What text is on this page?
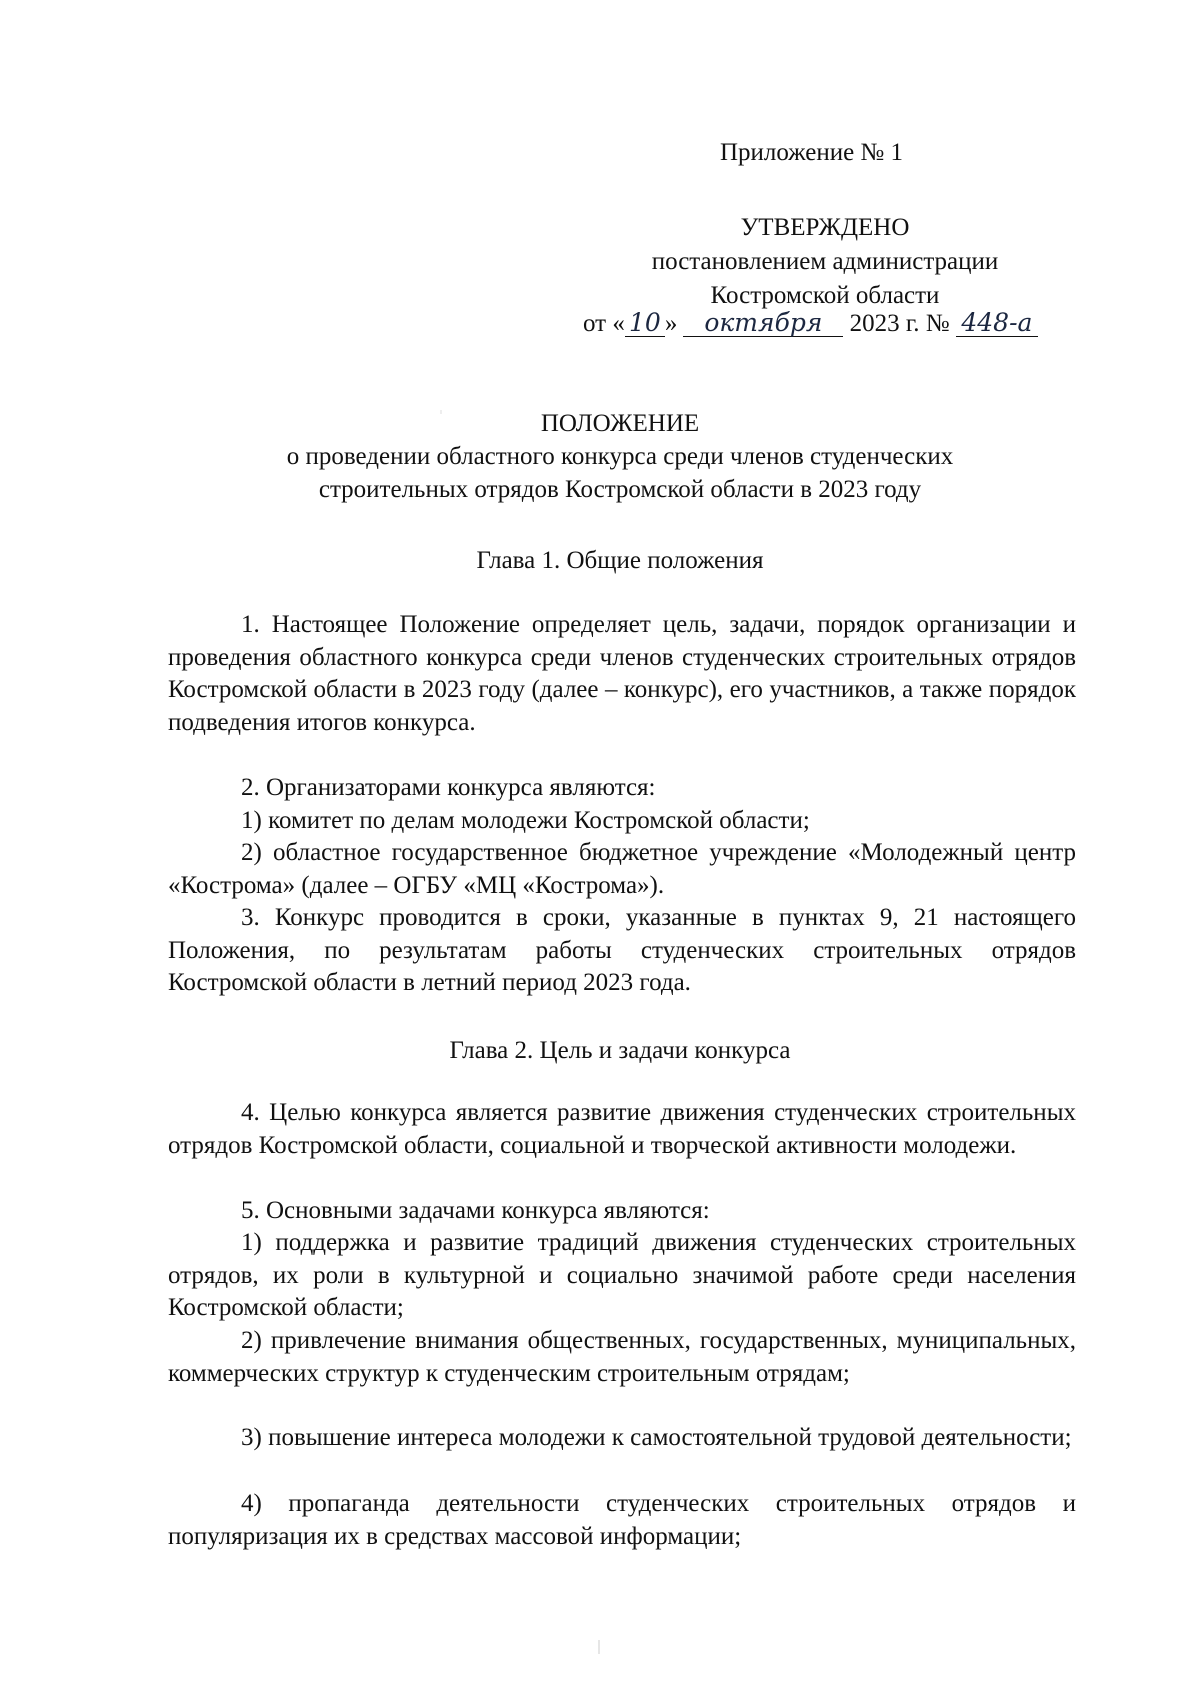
Приложение № 1
УТВЕРЖДЕНО
постановлением администрации
Костромской области
от « 10 » октября 2023 г. № 448-а
ПОЛОЖЕНИЕ
о проведении областного конкурса среди членов студенческих
строительных отрядов Костромской области в 2023 году
Глава 1. Общие положения

1. Настоящее Положение определяет цель, задачи, порядок организации и проведения областного конкурса среди членов студенческих строительных отрядов Костромской области в 2023 году (далее – конкурс), его участников, а также порядок подведения итогов конкурса.

2. Организаторами конкурса являются:

1) комитет по делам молодежи Костромской области;

2) областное государственное бюджетное учреждение «Молодежный центр «Кострома» (далее – ОГБУ «МЦ «Кострома»).

3. Конкурс проводится в сроки, указанные в пунктах 9, 21 настоящего Положения, по результатам работы студенческих строительных отрядов Костромской области в летний период 2023 года.

Глава 2. Цель и задачи конкурса

4. Целью конкурса является развитие движения студенческих строительных отрядов Костромской области, социальной и творческой активности молодежи.

5. Основными задачами конкурса являются:

1) поддержка и развитие традиций движения студенческих строительных отрядов, их роли в культурной и социально значимой работе среди населения Костромской области;

2) привлечение внимания общественных, государственных, муниципальных, коммерческих структур к студенческим строительным отрядам;

3) повышение интереса молодежи к самостоятельной трудовой деятельности;

4) пропаганда деятельности студенческих строительных отрядов и популяризация их в средствах массовой информации;
